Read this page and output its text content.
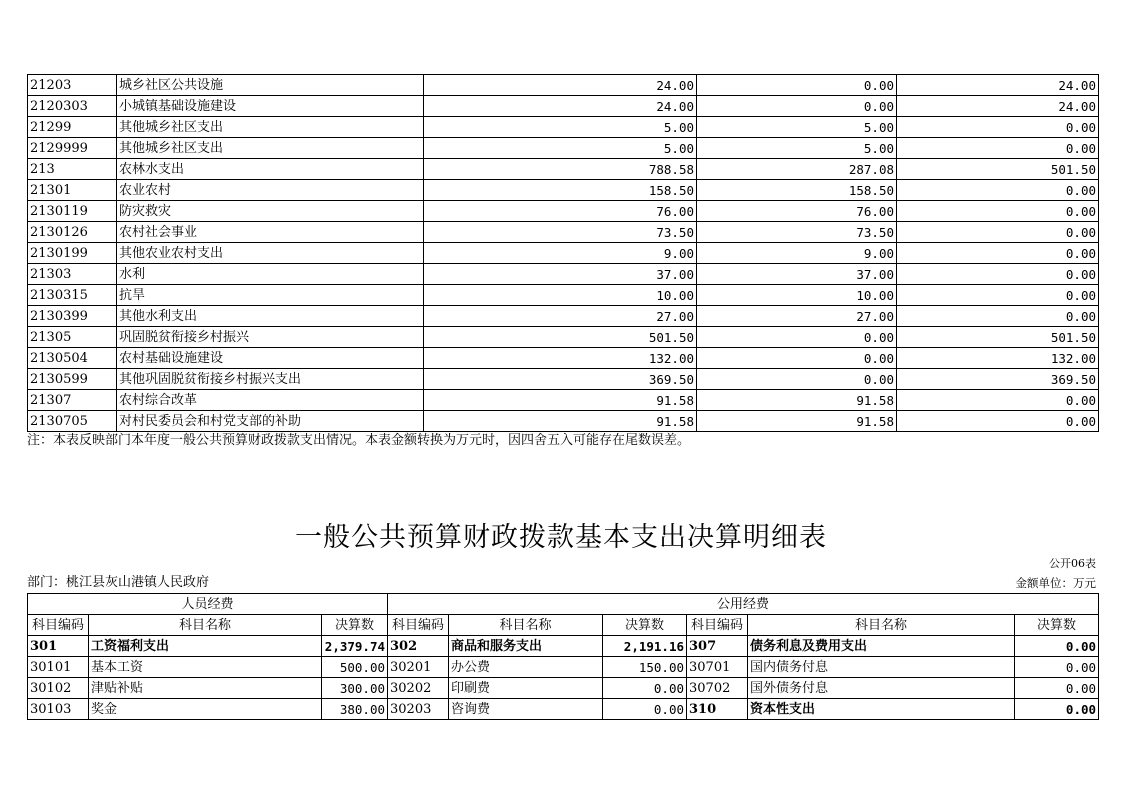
21203	城乡社区公共设施	24.00	0.00	24.00
2120303	小城镇基础设施建设	24.00	0.00	24.00
21299	其他城乡社区支出	5.00	5.00	0.00
2129999	其他城乡社区支出	5.00	5.00	0.00
213	农林水支出	788.58	287.08	501.50
21301	农业农村	158.50	158.50	0.00
2130119	防灾救灾	76.00	76.00	0.00
2130126	农村社会事业	73.50	73.50	0.00
2130199	其他农业农村支出	9.00	9.00	0.00
21303	水利	37.00	37.00	0.00
2130315	抗旱	10.00	10.00	0.00
2130399	其他水利支出	27.00	27.00	0.00
21305	巩固脱贫衔接乡村振兴	501.50	0.00	501.50
2130504	农村基础设施建设	132.00	0.00	132.00
2130599	其他巩固脱贫衔接乡村振兴支出	369.50	0.00	369.50
21307	农村综合改革	91.58	91.58	0.00
2130705	对村民委员会和村党支部的补助	91.58	91.58	0.00
注：本表反映部门本年度一般公共预算财政拨款支出情况。本表金额转换为万元时，因四舍五入可能存在尾数误差。
一般公共预算财政拨款基本支出决算明细表
公开06表
部门：桃江县灰山港镇人民政府	金额单位：万元
人员经费			公用经费					
科目编码	科目名称	决算数	科目编码	科目名称	决算数	科目编码	科目名称	决算数
301	工资福利支出	2,379.74	302	商品和服务支出	2,191.16	307	债务利息及费用支出	0.00
30101	基本工资	500.00	30201	办公费	150.00	30701	国内债务付息	0.00
30102	津贴补贴	300.00	30202	印刷费	0.00	30702	国外债务付息	0.00
30103	奖金	380.00	30203	咨询费	0.00	310	资本性支出	0.00
